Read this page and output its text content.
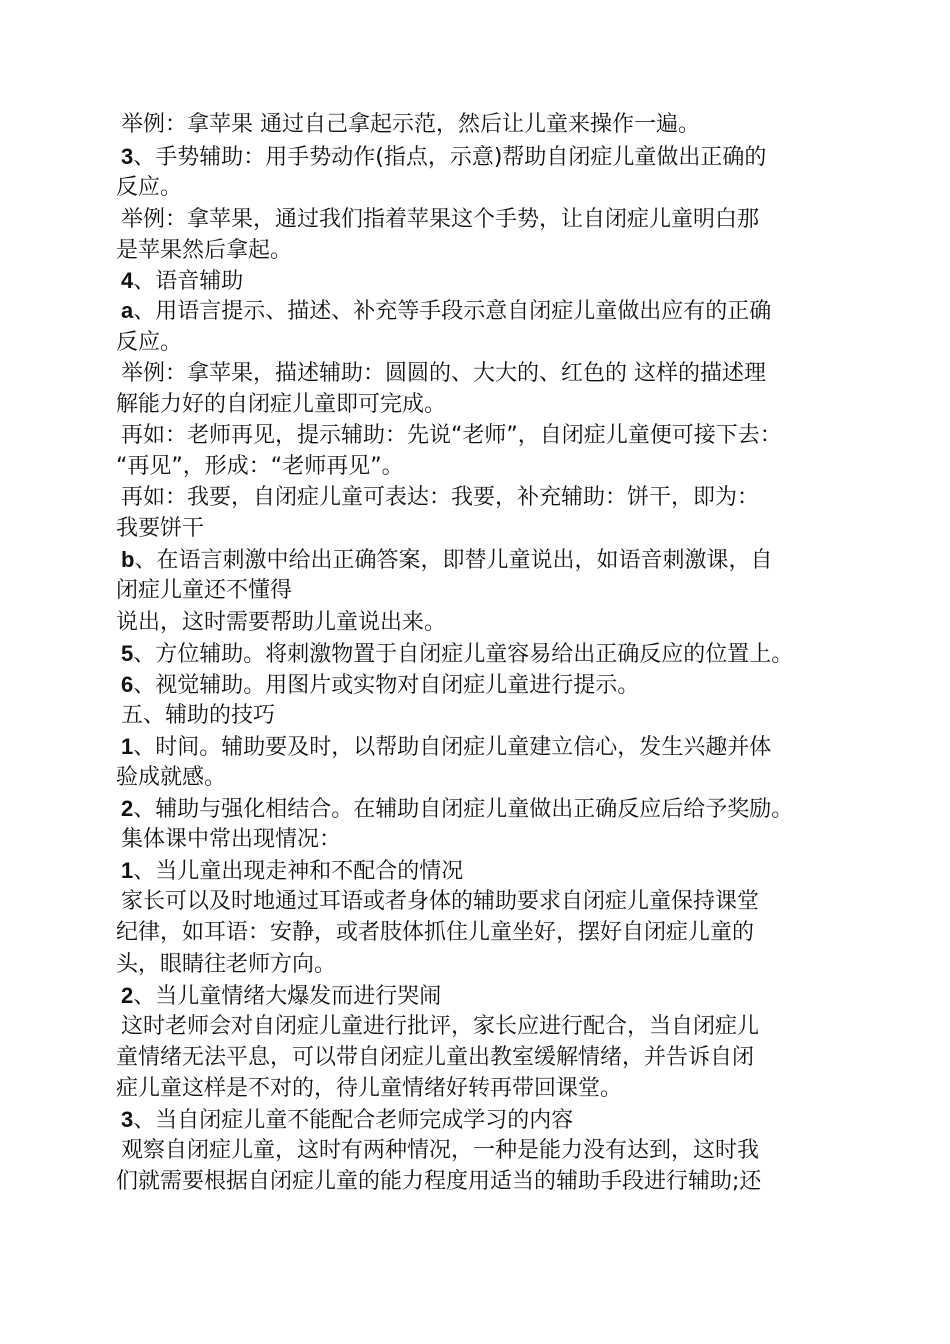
举例：拿苹果 通过自己拿起示范，然后让儿童来操作一遍。
3、手势辅助：用手势动作(指点，示意)帮助自闭症儿童做出正确的
反应。
举例：拿苹果，通过我们指着苹果这个手势，让自闭症儿童明白那
是苹果然后拿起。
4、语音辅助
a、用语言提示、描述、补充等手段示意自闭症儿童做出应有的正确
反应。
举例：拿苹果，描述辅助：圆圆的、大大的、红色的 这样的描述理
解能力好的自闭症儿童即可完成。
再如：老师再见，提示辅助：先说“老师”，自闭症儿童便可接下去：
“再见”，形成：“老师再见”。
再如：我要，自闭症儿童可表达：我要，补充辅助：饼干，即为：
我要饼干
b、在语言刺激中给出正确答案，即替儿童说出，如语音刺激课，自
闭症儿童还不懂得
说出，这时需要帮助儿童说出来。
5、方位辅助。将刺激物置于自闭症儿童容易给出正确反应的位置上。
6、视觉辅助。用图片或实物对自闭症儿童进行提示。
五、辅助的技巧
1、时间。辅助要及时，以帮助自闭症儿童建立信心，发生兴趣并体
验成就感。
2、辅助与强化相结合。在辅助自闭症儿童做出正确反应后给予奖励。
集体课中常出现情况：
1、当儿童出现走神和不配合的情况
家长可以及时地通过耳语或者身体的辅助要求自闭症儿童保持课堂
纪律，如耳语：安静，或者肢体抓住儿童坐好，摆好自闭症儿童的
头，眼睛往老师方向。
2、当儿童情绪大爆发而进行哭闹
这时老师会对自闭症儿童进行批评，家长应进行配合，当自闭症儿
童情绪无法平息，可以带自闭症儿童出教室缓解情绪，并告诉自闭
症儿童这样是不对的，待儿童情绪好转再带回课堂。
3、当自闭症儿童不能配合老师完成学习的内容
观察自闭症儿童，这时有两种情况，一种是能力没有达到，这时我
们就需要根据自闭症儿童的能力程度用适当的辅助手段进行辅助;还
